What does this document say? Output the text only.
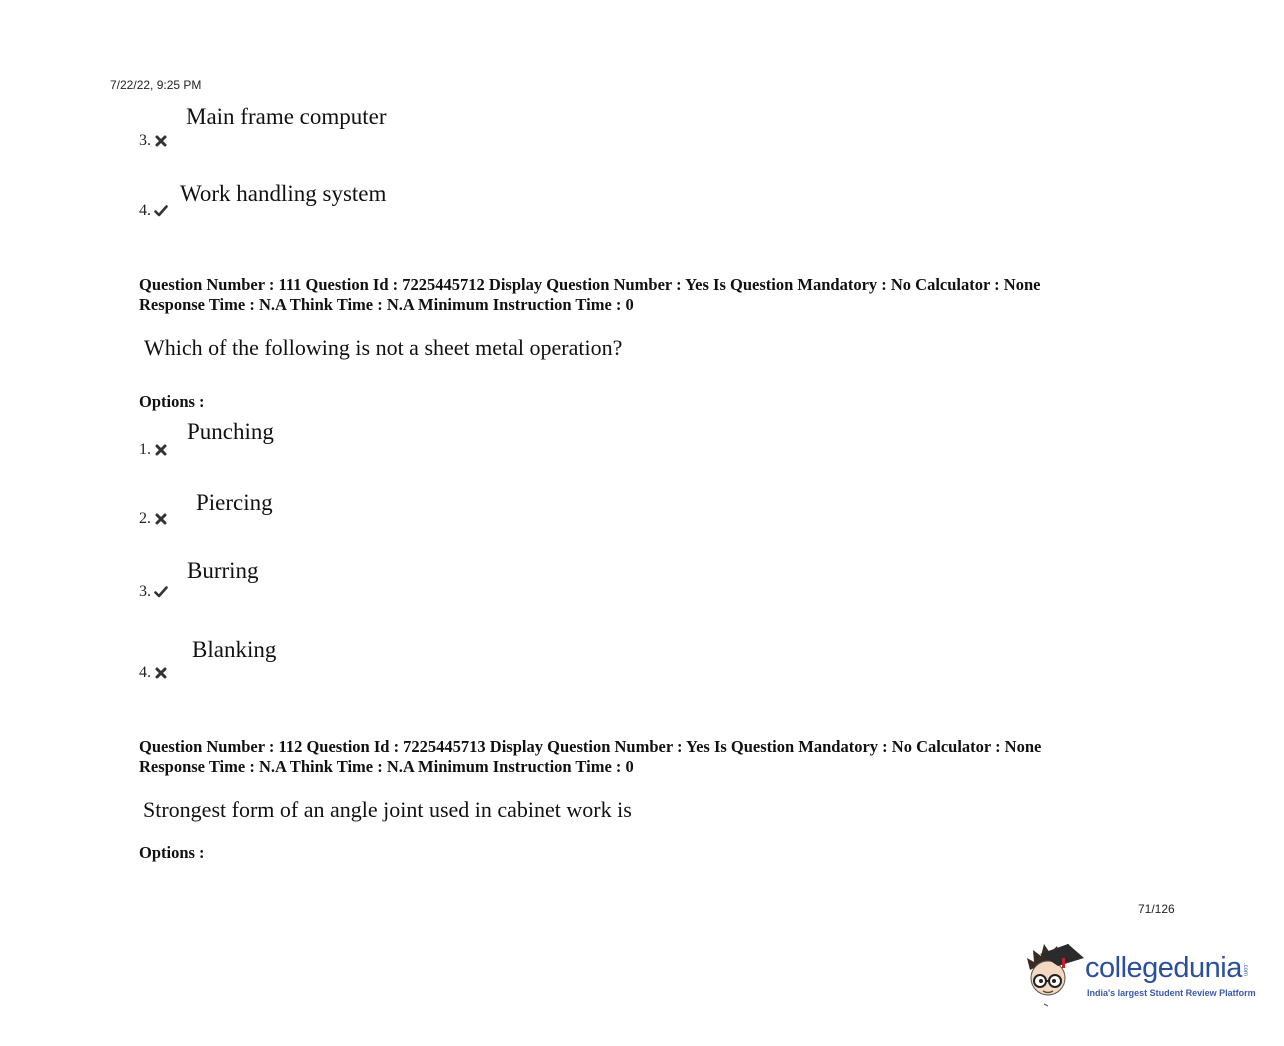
7/22/22, 9:25 PM
Main frame computer
3.
Work handling system
4.
Question Number : 111 Question Id : 7225445712 Display Question Number : Yes Is Question Mandatory : No Calculator : None
Response Time : N.A Think Time : N.A Minimum Instruction Time : 0
Which of the following is not a sheet metal operation?
Options :
Punching
1.
Piercing
2.
Burring
3.
Blanking
4.
Question Number : 112 Question Id : 7225445713 Display Question Number : Yes Is Question Mandatory : No Calculator : None
Response Time : N.A Think Time : N.A Minimum Instruction Time : 0
Strongest form of an angle joint used in cabinet work is
Options :
71/126
collegedunia .com
India's largest Student Review Platform
